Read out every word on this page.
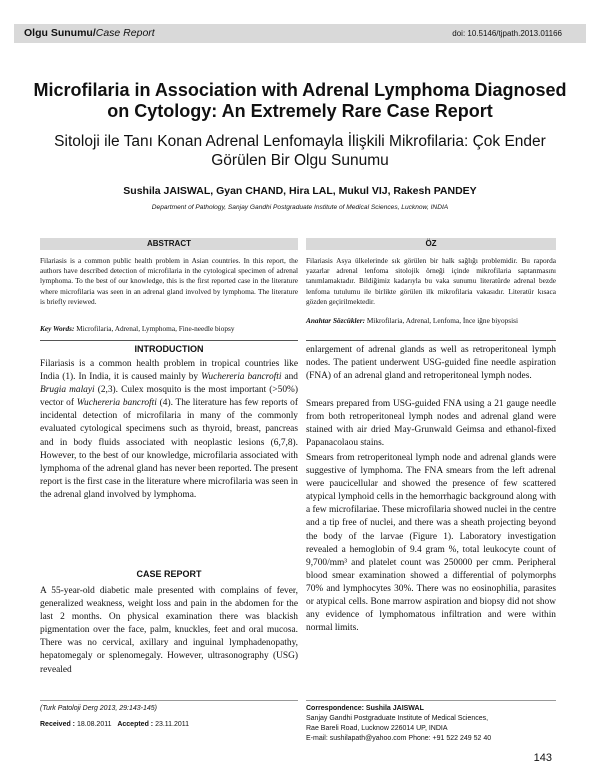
Olgu Sunumu/Case Report	doi: 10.5146/tjpath.2013.01166
Microfilaria in Association with Adrenal Lymphoma Diagnosed on Cytology: An Extremely Rare Case Report
Sitoloji ile Tanı Konan Adrenal Lenfomayla İlişkili Mikrofilaria: Çok Ender Görülen Bir Olgu Sunumu
Sushila JAISWAL, Gyan CHAND, Hira LAL, Mukul VIJ, Rakesh PANDEY
Department of Pathology, Sanjay Gandhi Postgraduate Institute of Medical Sciences, Lucknow, INDIA
ABSTRACT
Filariasis is a common public health problem in Asian countries. In this report, the authors have described detection of microfilaria in the cytological specimen of adrenal lymphoma. To the best of our knowledge, this is the first reported case in the literature where microfilaria was seen in an adrenal gland involved by lymphoma. The literature is briefly reviewed.
Key Words: Microfilaria, Adrenal, Lymphoma, Fine-needle biopsy
ÖZ
Filariasis Asya ülkelerinde sık görülen bir halk sağlığı problemidir. Bu raporda yazarlar adrenal lenfoma sitolojik örneği içinde mikrofilaria saptanmasını tanımlamaktadır. Bildiğimiz kadarıyla bu vaka sunumu literatürde adrenal bezde lenfoma tutulumu ile birlikte görülen ilk mikrofilaria vakasıdır. Literatür kısaca gözden geçirilmektedir.
Anahtar Sözcükler: Mikrofilaria, Adrenal, Lenfoma, İnce iğne biyopsisi
INTRODUCTION

Filariasis is a common health problem in tropical countries like India (1). In India, it is caused mainly by Wuchereria bancrofti and Brugia malayi (2,3). Culex mosquito is the most important (>50%) vector of Wuchereria bancrofti (4). The literature has few reports of incidental detection of microfilaria in many of the commonly evaluated cytological specimens such as thyroid, breast, pancreas and in body fluids associated with neoplastic lesions (6,7,8). However, to the best of our knowledge, microfilaria associated with lymphoma of the adrenal gland has never been reported. The present report is the first case in the literature where microfilaria was seen in the adrenal gland involved by lymphoma.

CASE REPORT

A 55-year-old diabetic male presented with complains of fever, generalized weakness, weight loss and pain in the abdomen for the last 2 months. On physical examination there was blackish pigmentation over the face, palm, knuckles, feet and oral mucosa. There was no cervical, axillary and inguinal lymphadenopathy, hepatomegaly or splenomegaly. However, ultrasonography (USG) revealed

enlargement of adrenal glands as well as retroperitoneal lymph nodes. The patient underwent USG-guided fine needle aspiration (FNA) of an adrenal gland and retroperitoneal lymph nodes.

Smears prepared from USG-guided FNA using a 21 gauge needle from both retroperitoneal lymph nodes and adrenal gland were stained with air dried May-Grunwald Geimsa and ethanol-fixed Papanacolaou stains.

Smears from retroperitoneal lymph node and adrenal glands were suggestive of lymphoma. The FNA smears from the left adrenal were paucicellular and showed the presence of few scattered atypical lymphoid cells in the hemorrhagic background along with a few microfilariae. These microfilaria showed nuclei in the centre and a tip free of nuclei, and there was a sheath projecting beyond the body of the larvae (Figure 1). Laboratory investigation revealed a hemoglobin of 9.4 gram %, total leukocyte count of 9,700/mm³ and platelet count was 250000 per cmm. Peripheral blood smear examination showed a differential of polymorphs 70% and lymphocytes 30%. There was no eosinophilia, parasites or atypical cells. Bone marrow aspiration and biopsy did not show any evidence of lymphomatous infiltration and were within normal limits.

(Turk Patoloji Derg 2013, 29:143-145)
Received : 18.08.2011 Accepted : 23.11.2011
Correspondence: Sushila JAISWAL
Sanjay Gandhi Postgraduate Institute of Medical Sciences,
Rae Bareli Road, Lucknow 226014 UP, INDIA
E-mail: sushilapath@yahoo.com Phone: +91 522 249 52 40
143
